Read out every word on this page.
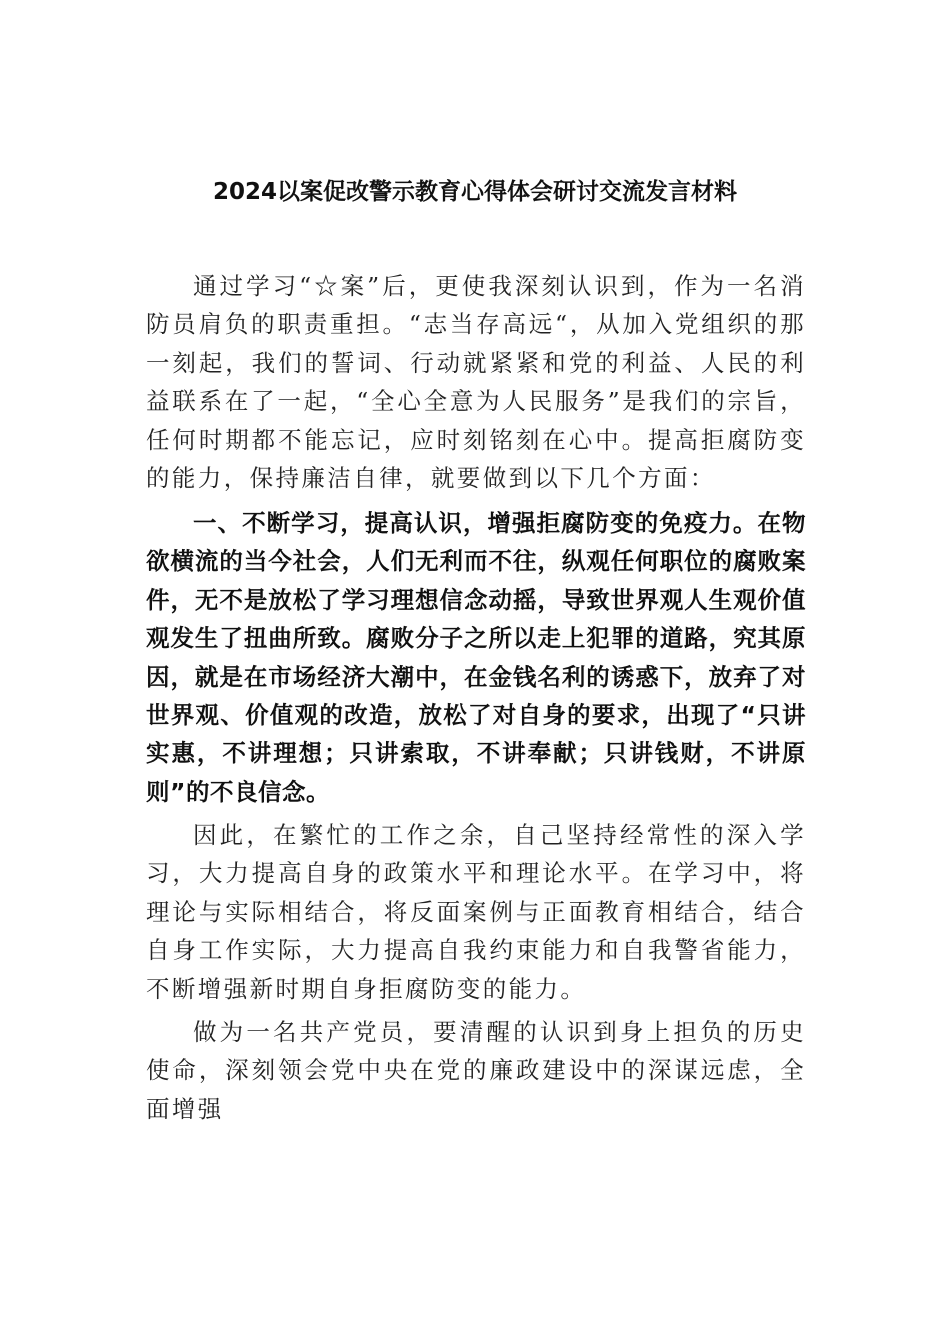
2024以案促改警示教育心得体会研讨交流发言材料

通过学习“☆案”后，更使我深刻认识到，作为一名消防员肩负的职责重担。“志当存高远“，从加入党组织的那一刻起，我们的誓词、行动就紧紧和党的利益、人民的利益联系在了一起，“全心全意为人民服务”是我们的宗旨，任何时期都不能忘记，应时刻铭刻在心中。提高拒腐防变的能力，保持廉洁自律，就要做到以下几个方面：

一、不断学习，提高认识，增强拒腐防变的免疫力。在物欲横流的当今社会，人们无利而不往，纵观任何职位的腐败案件，无不是放松了学习理想信念动摇，导致世界观人生观价值观发生了扭曲所致。腐败分子之所以走上犯罪的道路，究其原因，就是在市场经济大潮中，在金钱名利的诱惑下，放弃了对世界观、价值观的改造，放松了对自身的要求，出现了“只讲实惠，不讲理想；只讲索取，不讲奉献；只讲钱财，不讲原则”的不良信念。

因此，在繁忙的工作之余，自己坚持经常性的深入学习，大力提高自身的政策水平和理论水平。在学习中，将理论与实际相结合，将反面案例与正面教育相结合，结合自身工作实际，大力提高自我约束能力和自我警省能力，不断增强新时期自身拒腐防变的能力。

做为一名共产党员，要清醒的认识到身上担负的历史使命，深刻领会党中央在党的廉政建设中的深谋远虑，全面增强
